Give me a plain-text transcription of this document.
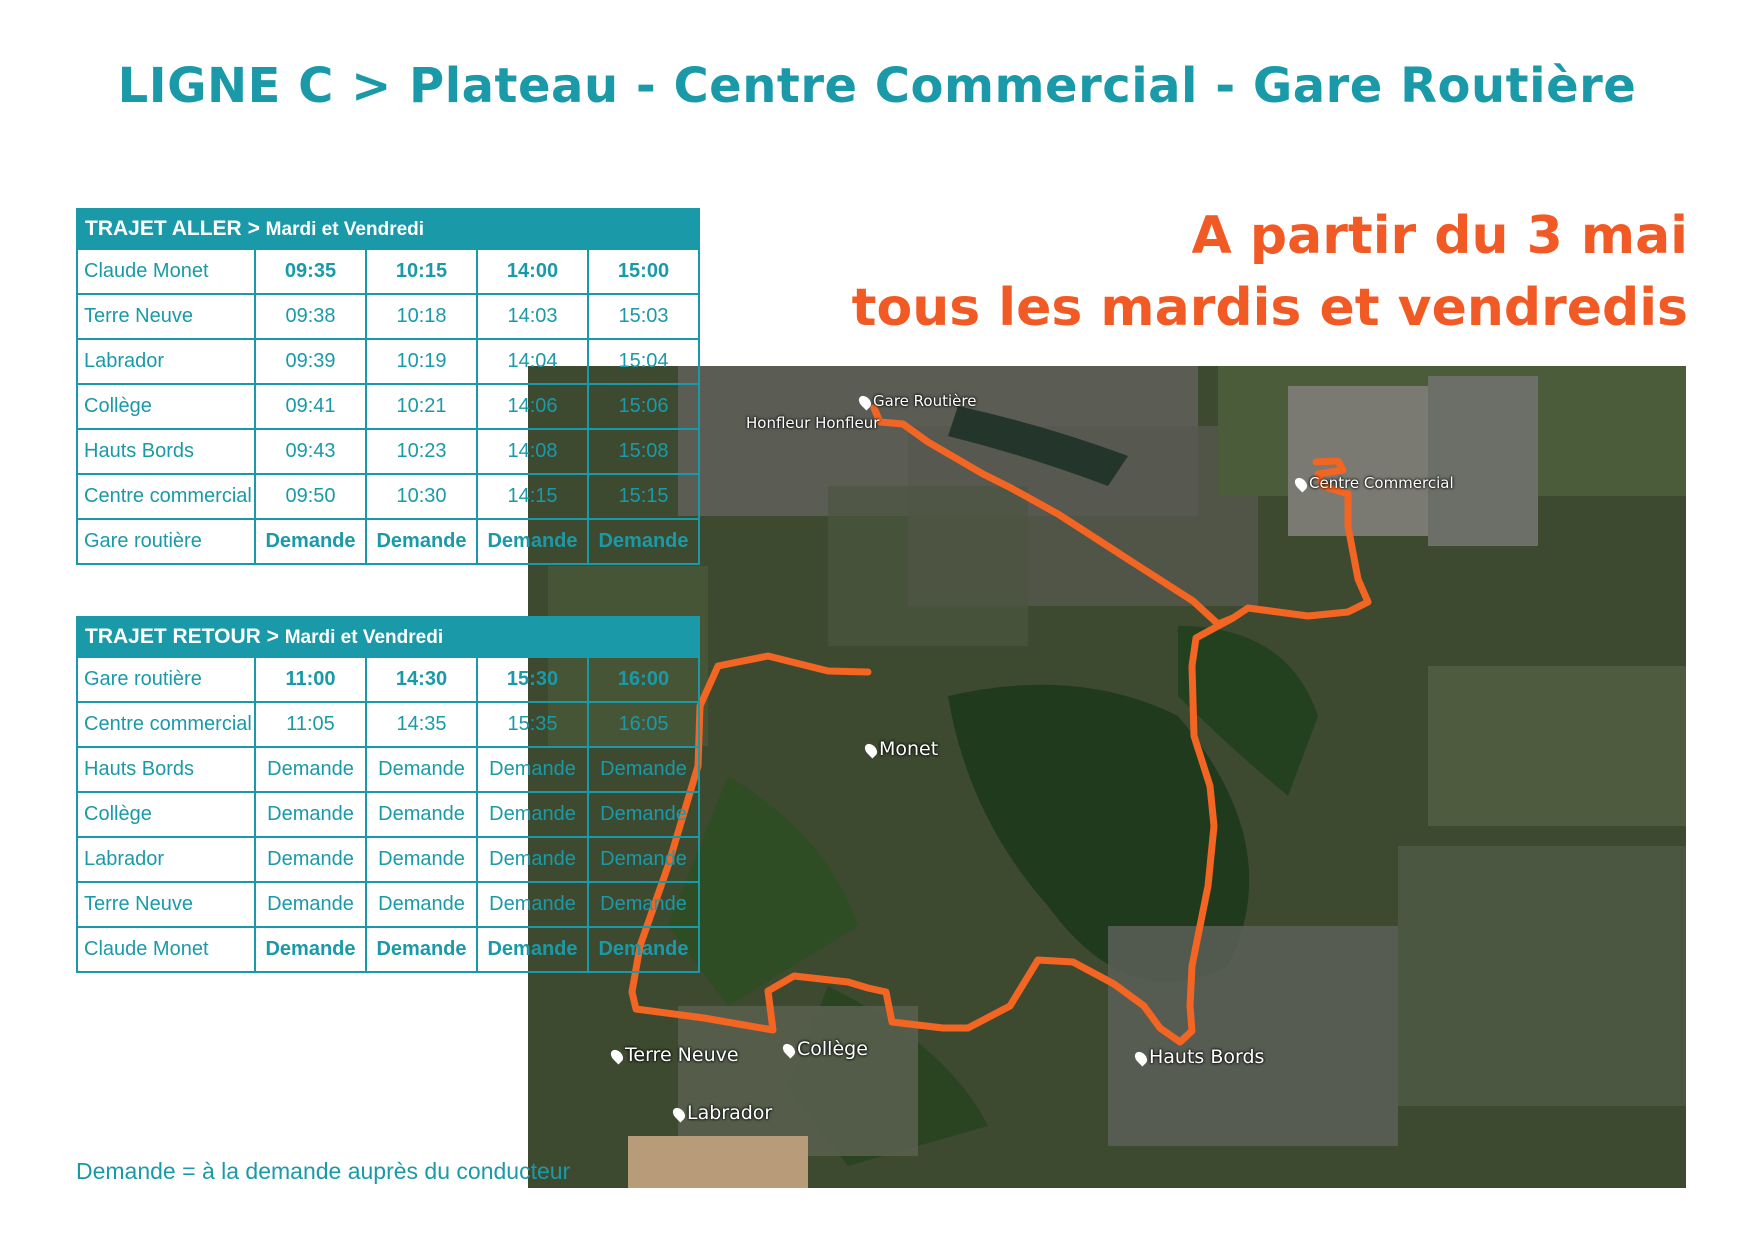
LIGNE C > Plateau - Centre Commercial - Gare Routière
A partir du 3 mai
tous les mardis et vendredis
Gare Routière
Honfleur Honfleur
Centre Commercial
Monet
Terre Neuve	Collège
Labrador
Hauts Bords
TRAJET ALLER > Mardi et Vendredi				
Claude Monet	09:35	10:15	14:00	15:00
Terre Neuve	09:38	10:18	14:03	15:03
Labrador	09:39	10:19	14:04	15:04
Collège	09:41	10:21	14:06	15:06
Hauts Bords	09:43	10:23	14:08	15:08
Centre commercial	09:50	10:30	14:15	15:15
Gare routière	Demande	Demande	Demande	Demande
TRAJET RETOUR > Mardi et Vendredi				
Gare routière	11:00	14:30	15:30	16:00
Centre commercial	11:05	14:35	15:35	16:05
Hauts Bords	Demande	Demande	Demande	Demande
Collège	Demande	Demande	Demande	Demande
Labrador	Demande	Demande	Demande	Demande
Terre Neuve	Demande	Demande	Demande	Demande
Claude Monet	Demande	Demande	Demande	Demande
Demande = à la demande auprès du conducteur
